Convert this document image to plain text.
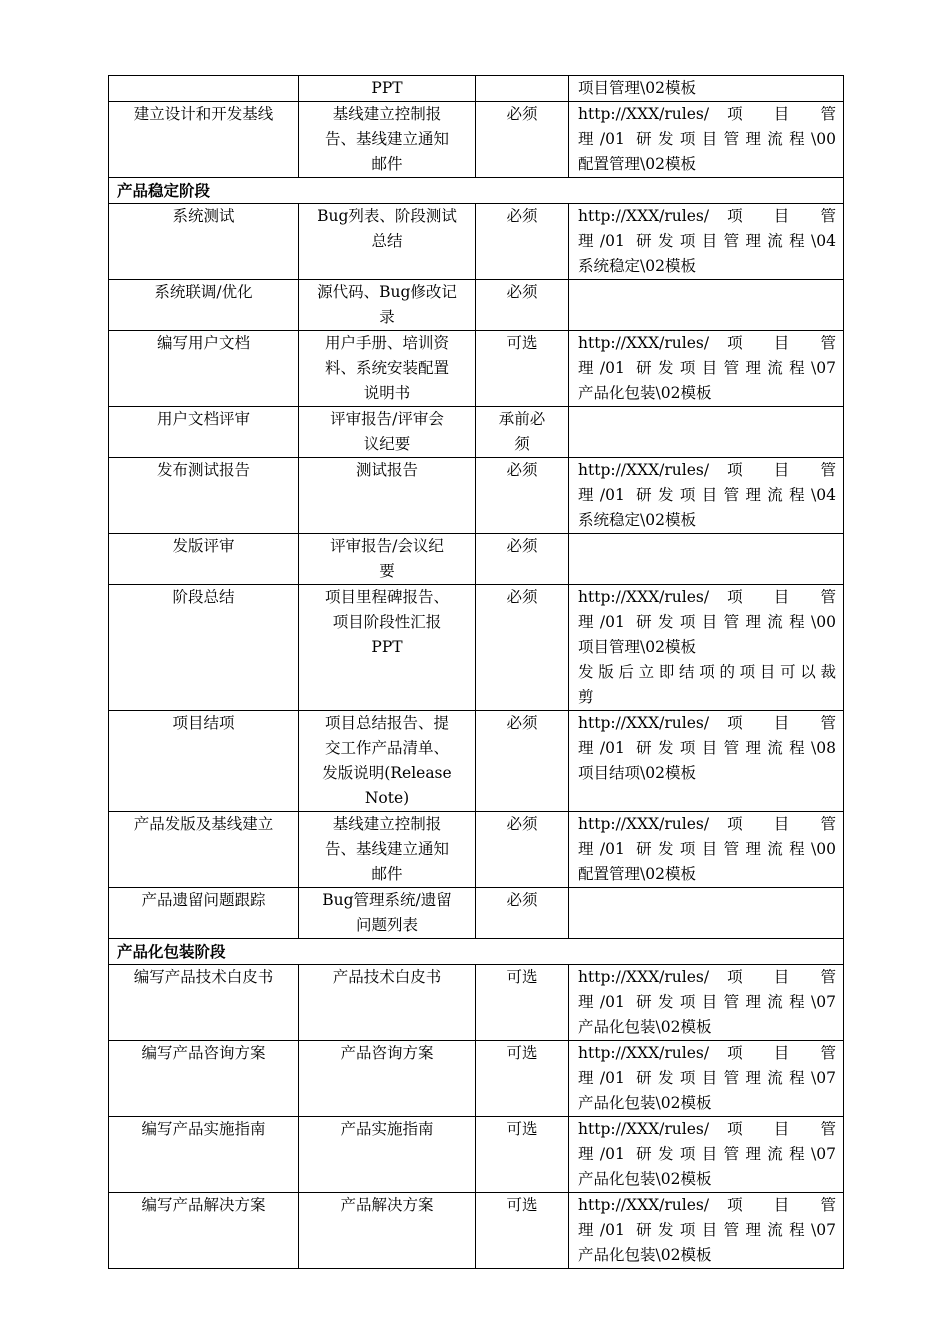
	PPT		项目管理\02模板

建立设计和开发基线	基线建立控制报
告、基线建立通知
邮件	必须	http://XXX/rules/ 项 目 管
理/01 研发项目管理流程\00
配置管理\02模板

产品稳定阶段			

系统测试	Bug列表、阶段测试
总结	必须	http://XXX/rules/ 项 目 管
理/01 研发项目管理流程\04
系统稳定\02模板

系统联调/优化	源代码、Bug修改记
录	必须	

编写用户文档	用户手册、培训资
料、系统安装配置
说明书	可选	http://XXX/rules/ 项 目 管
理/01 研发项目管理流程\07
产品化包装\02模板

用户文档评审	评审报告/评审会
议纪要	承前必
须	

发布测试报告	测试报告	必须	http://XXX/rules/ 项 目 管
理/01 研发项目管理流程\04
系统稳定\02模板

发版评审	评审报告/会议纪
要	必须	

阶段总结	项目里程碑报告、
项目阶段性汇报
PPT	必须	http://XXX/rules/ 项 目 管
理/01 研发项目管理流程\00
项目管理\02模板
发版后立即结项的项目可以裁
剪

项目结项	项目总结报告、提
交工作产品清单、
发版说明(Release
Note)	必须	http://XXX/rules/ 项 目 管
理/01 研发项目管理流程\08
项目结项\02模板

产品发版及基线建立	基线建立控制报
告、基线建立通知
邮件	必须	http://XXX/rules/ 项 目 管
理/01 研发项目管理流程\00
配置管理\02模板

产品遗留问题跟踪	Bug管理系统/遗留
问题列表	必须	

产品化包装阶段			

编写产品技术白皮书	产品技术白皮书	可选	http://XXX/rules/ 项 目 管
理/01 研发项目管理流程\07
产品化包装\02模板

编写产品咨询方案	产品咨询方案	可选	http://XXX/rules/ 项 目 管
理/01 研发项目管理流程\07
产品化包装\02模板

编写产品实施指南	产品实施指南	可选	http://XXX/rules/ 项 目 管
理/01 研发项目管理流程\07
产品化包装\02模板

编写产品解决方案	产品解决方案	可选	http://XXX/rules/ 项 目 管
理/01 研发项目管理流程\07
产品化包装\02模板
